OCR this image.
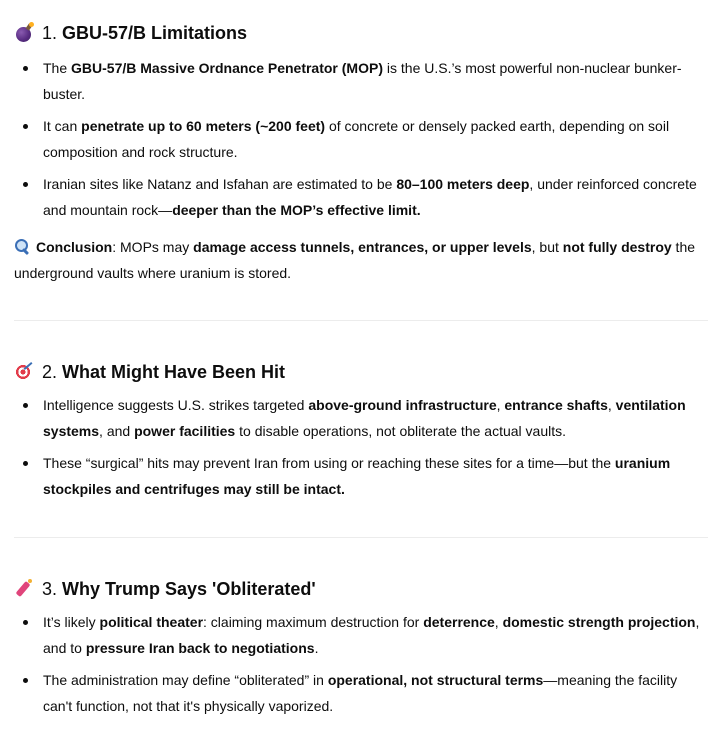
1. GBU-57/B Limitations
The GBU-57/B Massive Ordnance Penetrator (MOP) is the U.S.’s most powerful non-nuclear bunker-buster.
It can penetrate up to 60 meters (~200 feet) of concrete or densely packed earth, depending on soil composition and rock structure.
Iranian sites like Natanz and Isfahan are estimated to be 80–100 meters deep, under reinforced concrete and mountain rock—deeper than the MOP’s effective limit.

Conclusion: MOPs may damage access tunnels, entrances, or upper levels, but not fully destroy the underground vaults where uranium is stored.

2. What Might Have Been Hit
Intelligence suggests U.S. strikes targeted above-ground infrastructure, entrance shafts, ventilation systems, and power facilities to disable operations, not obliterate the actual vaults.
These “surgical” hits may prevent Iran from using or reaching these sites for a time—but the uranium stockpiles and centrifuges may still be intact.
3. Why Trump Says 'Obliterated'
It’s likely political theater: claiming maximum destruction for deterrence, domestic strength projection, and to pressure Iran back to negotiations.
The administration may define “obliterated” in operational, not structural terms—meaning the facility can't function, not that it's physically vaporized.
